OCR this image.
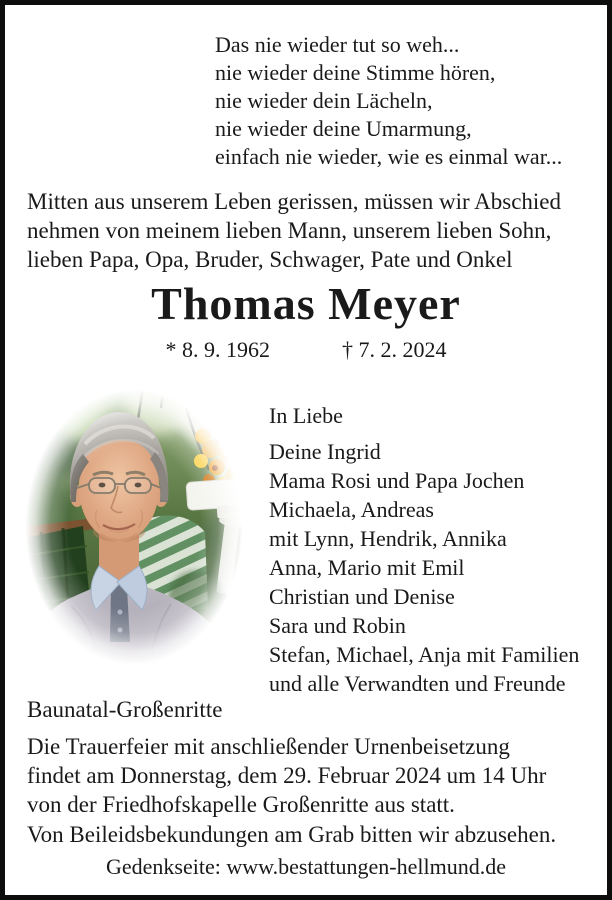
Das nie wieder tut so weh...
nie wieder deine Stimme hören,
nie wieder dein Lächeln,
nie wieder deine Umarmung,
einfach nie wieder, wie es einmal war...
Mitten aus unserem Leben gerissen, müssen wir Abschied
nehmen von meinem lieben Mann, unserem lieben Sohn,
lieben Papa, Opa, Bruder, Schwager, Pate und Onkel
Thomas Meyer
* 8. 9. 1962	† 7. 2. 2024
In Liebe
Deine Ingrid
Mama Rosi und Papa Jochen
Michaela, Andreas
mit Lynn, Hendrik, Annika
Anna, Mario mit Emil
Christian und Denise
Sara und Robin
Stefan, Michael, Anja mit Familien
und alle Verwandten und Freunde
Baunatal-Großenritte
Die Trauerfeier mit anschließender Urnenbeisetzung
findet am Donnerstag, dem 29. Februar 2024 um 14 Uhr
von der Friedhofskapelle Großenritte aus statt.
Von Beileidsbekundungen am Grab bitten wir abzusehen.
Gedenkseite: www.bestattungen-hellmund.de
